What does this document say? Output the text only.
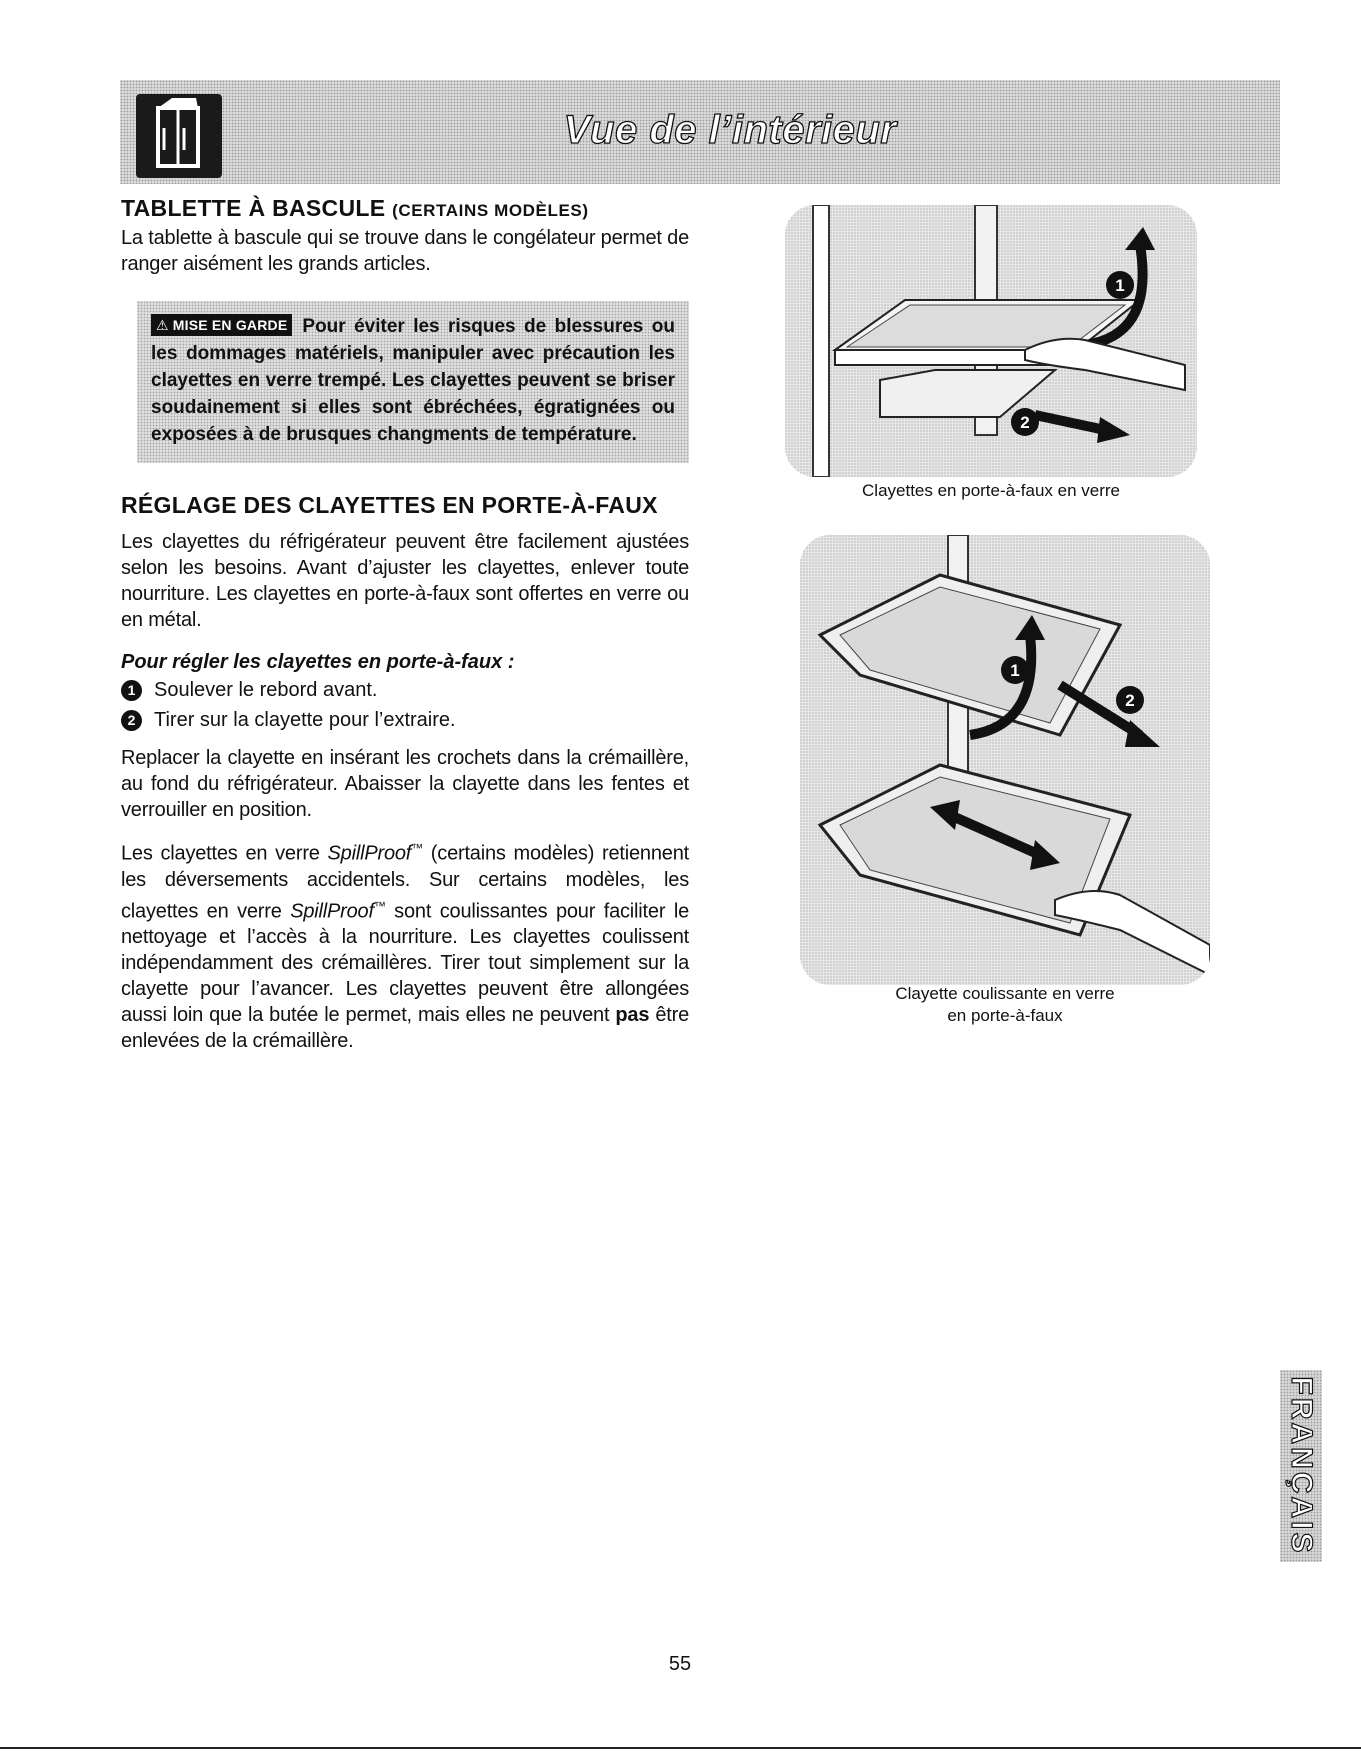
Vue de l’intérieur
TABLETTE À BASCULE (CERTAINS MODÈLES)

La tablette à bascule qui se trouve dans le congélateur permet de ranger aisément les grands articles.

⚠ MISE EN GARDE Pour éviter les risques de blessures ou les dommages matériels, manipuler avec précaution les clayettes en verre trempé. Les clayettes peuvent se briser soudainement si elles sont ébréchées, égratignées ou exposées à de brusques changments de température.
RÉGLAGE DES CLAYETTES EN PORTE-À-FAUX

Les clayettes du réfrigérateur peuvent être facilement ajustées selon les besoins. Avant d’ajuster les clayettes, enlever toute nourriture. Les clayettes en porte-à-faux sont offertes en verre ou en métal.

Pour régler les clayettes en porte-à-faux :
1 Soulever le rebord avant.
2 Tirer sur la clayette pour l’extraire.

Replacer la clayette en insérant les crochets dans la crémaillère, au fond du réfrigérateur. Abaisser la clayette dans les fentes et verrouiller en position.

Les clayettes en verre SpillProof™ (certains modèles) retiennent les déversements accidentels. Sur certains modèles, les clayettes en verre SpillProof™ sont coulissantes pour faciliter le nettoyage et l’accès à la nourriture. Les clayettes coulissent indépendamment des crémaillères. Tirer tout simplement sur la clayette pour l’avancer. Les clayettes peuvent être allongées aussi loin que la butée le permet, mais elles ne peuvent pas être enlevées de la crémaillère.

1
2
Clayettes en porte-à-faux en verre
1
2
Clayette coulissante en verre
en porte-à-faux
FRANÇAIS
55
